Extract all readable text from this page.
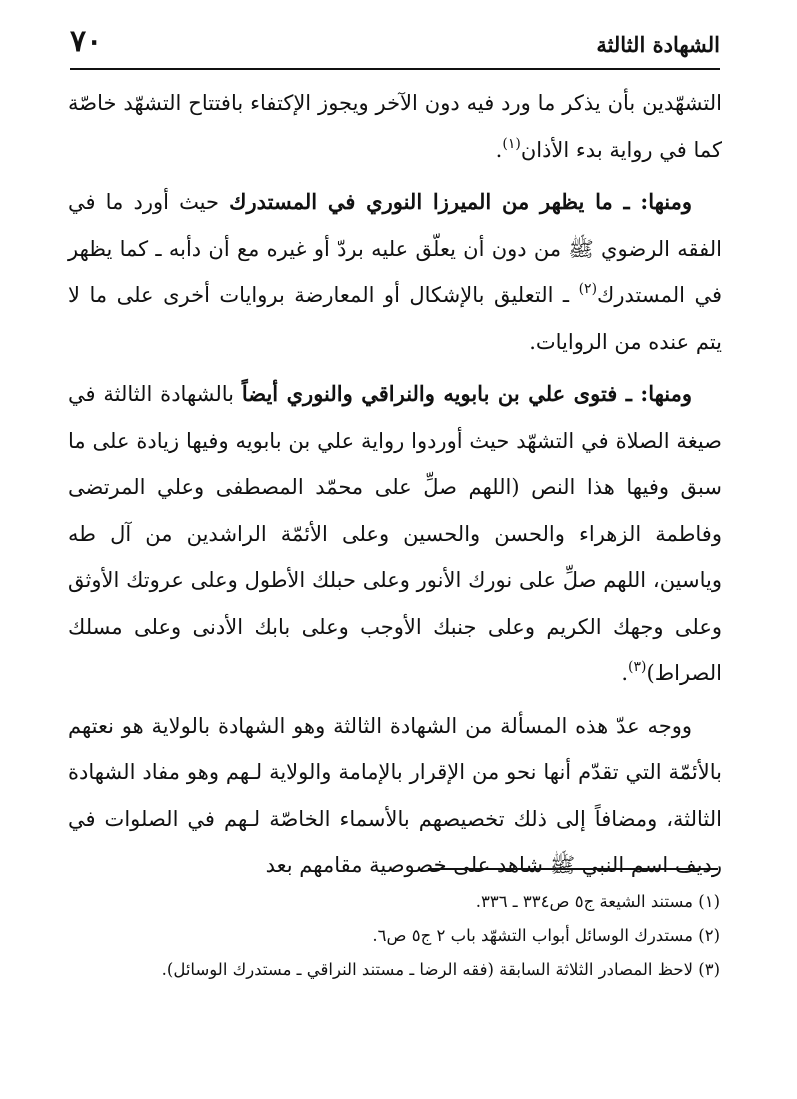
٧٠	الشهادة الثالثة

التشهّدين بأن يذكر ما ورد فيه دون الآخر ويجوز الإكتفاء بافتتاح التشهّد خاصّة كما في رواية بدء الأذان$^{(١)}$.

ومنها: ـ ما يظهر من الميرزا النوري في المستدرك حيث أورد ما في الفقه الرضوي ﷺ من دون أن يعلّق عليه بردّ أو غيره مع أن دأبه ـ كما يظهر في المستدرك$^{(٢)}$ ـ التعليق بالإشكال أو المعارضة بروايات أخرى على ما لا يتم عنده من الروايات.

ومنها: ـ فتوى علي بن بابويه والنراقي والنوري أيضاً بالشهادة الثالثة في صيغة الصلاة في التشهّد حيث أوردوا رواية علي بن بابويه وفيها زيادة على ما سبق وفيها هذا النص (اللهم صلِّ على محمّد المصطفى وعلي المرتضى وفاطمة الزهراء والحسن والحسين وعلى الأئمّة الراشدين من آل طه وياسين، اللهم صلِّ على نورك الأنور وعلى حبلك الأطول وعلى عروتك الأوثق وعلى وجهك الكريم وعلى جنبك الأوجب وعلى بابك الأدنى وعلى مسلك الصراط)$^{(٣)}$.

ووجه عدّ هذه المسألة من الشهادة الثالثة وهو الشهادة بالولاية هو نعتهم بالأئمّة التي تقدّم أنها نحو من الإقرار بالإمامة والولاية لـهم وهو مفاد الشهادة الثالثة، ومضافاً إلى ذلك تخصيصهم بالأسماء الخاصّة لـهم في الصلوات في رديف اسم النبي ﷺ شاهد على خصوصية مقامهم بعد

(١) مستند الشيعة ج٥ ص٣٣٤ ـ ٣٣٦.

(٢) مستدرك الوسائل أبواب التشهّد باب ٢ ج٥ ص٦.

(٣) لاحظ المصادر الثلاثة السابقة (فقه الرضا ـ مستند النراقي ـ مستدرك الوسائل).
